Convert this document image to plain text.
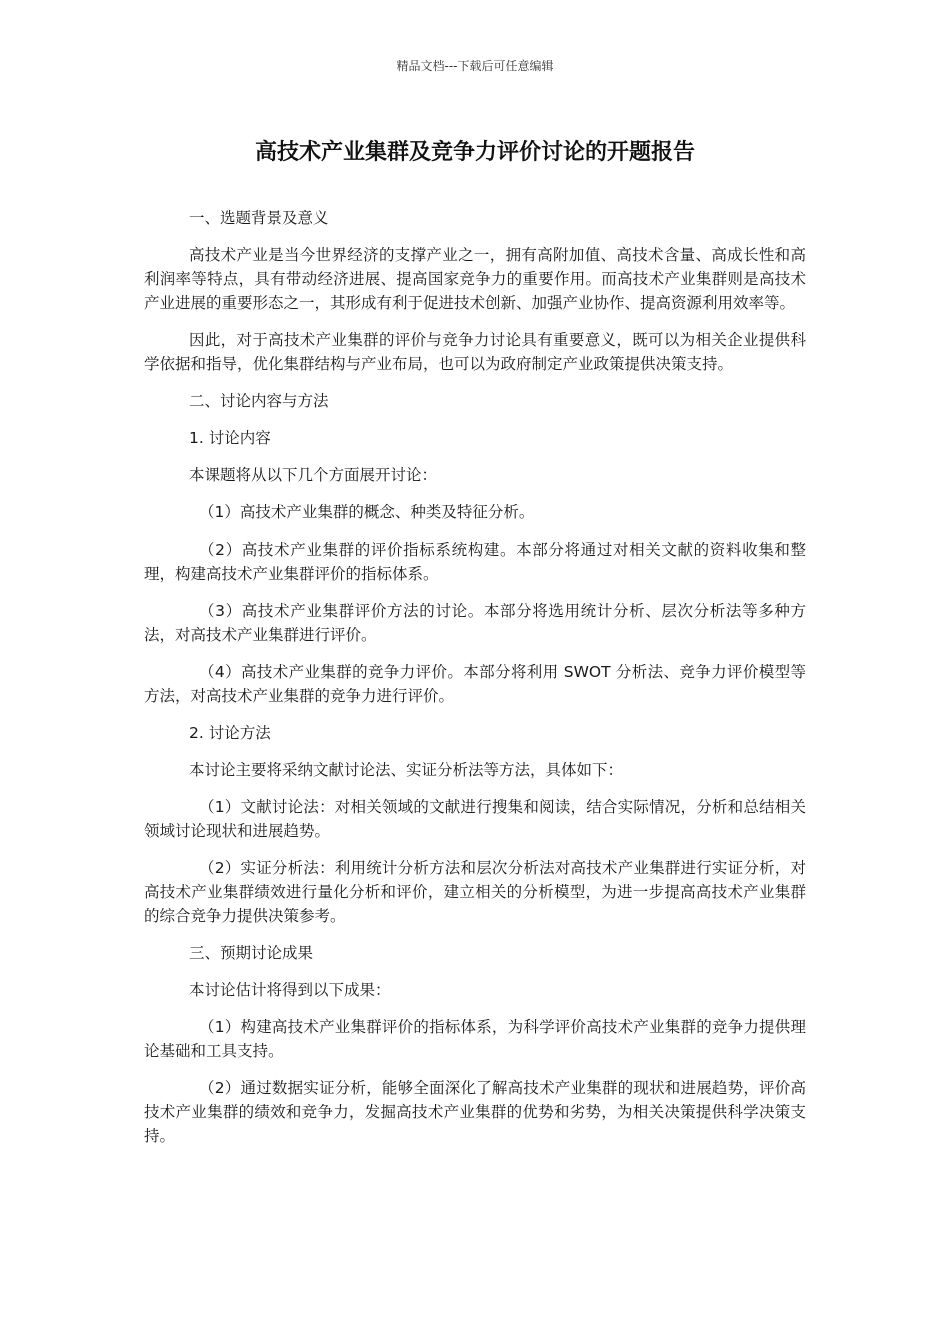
精品文档---下载后可任意编辑
高技术产业集群及竞争力评价讨论的开题报告

一、选题背景及意义

高技术产业是当今世界经济的支撑产业之一，拥有高附加值、高技术含量、高成长性和高利润率等特点，具有带动经济进展、提高国家竞争力的重要作用。而高技术产业集群则是高技术产业进展的重要形态之一，其形成有利于促进技术创新、加强产业协作、提高资源利用效率等。

因此，对于高技术产业集群的评价与竞争力讨论具有重要意义，既可以为相关企业提供科学依据和指导，优化集群结构与产业布局，也可以为政府制定产业政策提供决策支持。

二、讨论内容与方法

1. 讨论内容

本课题将从以下几个方面展开讨论：

（1）高技术产业集群的概念、种类及特征分析。

（2）高技术产业集群的评价指标系统构建。本部分将通过对相关文献的资料收集和整理，构建高技术产业集群评价的指标体系。

（3）高技术产业集群评价方法的讨论。本部分将选用统计分析、层次分析法等多种方法，对高技术产业集群进行评价。

（4）高技术产业集群的竞争力评价。本部分将利用 SWOT 分析法、竞争力评价模型等方法，对高技术产业集群的竞争力进行评价。

2. 讨论方法

本讨论主要将采纳文献讨论法、实证分析法等方法，具体如下：

（1）文献讨论法：对相关领域的文献进行搜集和阅读，结合实际情况，分析和总结相关领域讨论现状和进展趋势。

（2）实证分析法：利用统计分析方法和层次分析法对高技术产业集群进行实证分析，对高技术产业集群绩效进行量化分析和评价，建立相关的分析模型，为进一步提高高技术产业集群的综合竞争力提供决策参考。

三、预期讨论成果

本讨论估计将得到以下成果：

（1）构建高技术产业集群评价的指标体系，为科学评价高技术产业集群的竞争力提供理论基础和工具支持。

（2）通过数据实证分析，能够全面深化了解高技术产业集群的现状和进展趋势，评价高技术产业集群的绩效和竞争力，发掘高技术产业集群的优势和劣势，为相关决策提供科学决策支持。
